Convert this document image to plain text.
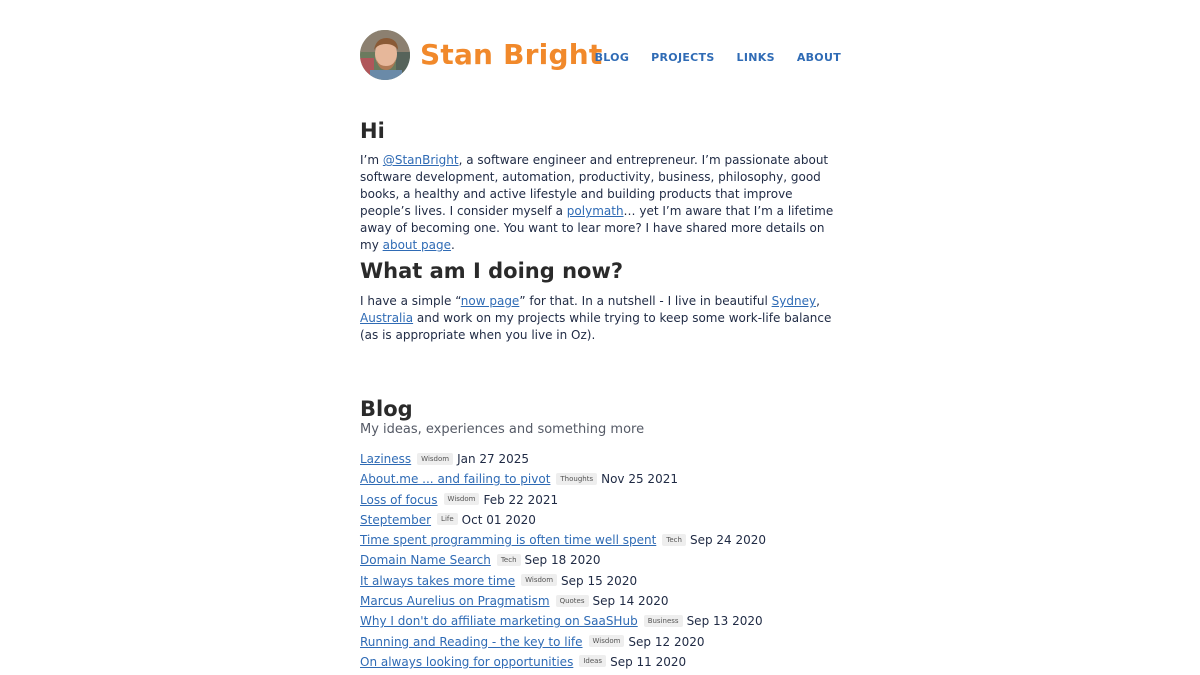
Stan Bright
BLOG PROJECTS LINKS ABOUT
Hi

I’m @StanBright, a software engineer and entrepreneur. I’m passionate about software development, automation, productivity, business, philosophy, good books, a healthy and active lifestyle and building products that improve people’s lives. I consider myself a polymath… yet I’m aware that I’m a lifetime away of becoming one. You want to lear more? I have shared more details on my about page.

What am I doing now?

I have a simple “now page” for that. In a nutshell - I live in beautiful Sydney, Australia and work on my projects while trying to keep some work-life balance (as is appropriate when you live in Oz).

Blog
My ideas, experiences and something more
Laziness Wisdom Jan 27 2025
About.me ... and failing to pivot Thoughts Nov 25 2021
Loss of focus Wisdom Feb 22 2021
Steptember Life Oct 01 2020
Time spent programming is often time well spent Tech Sep 24 2020
Domain Name Search Tech Sep 18 2020
It always takes more time Wisdom Sep 15 2020
Marcus Aurelius on Pragmatism Quotes Sep 14 2020
Why I don't do affiliate marketing on SaaSHub Business Sep 13 2020
Running and Reading - the key to life Wisdom Sep 12 2020
On always looking for opportunities Ideas Sep 11 2020
